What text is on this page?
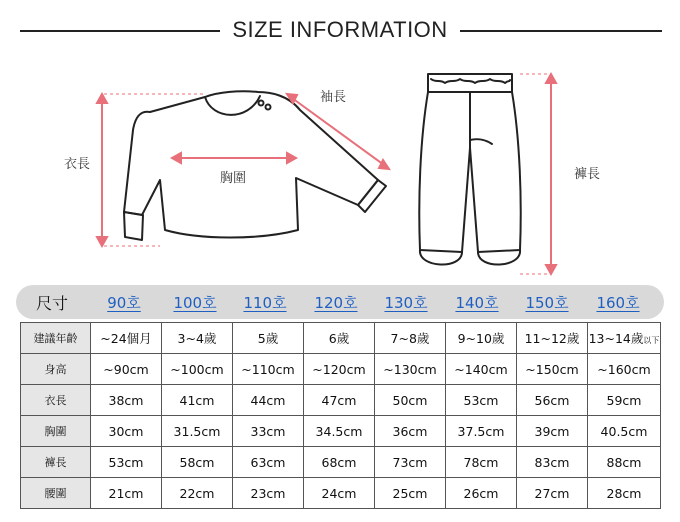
SIZE INFORMATION
袖長
衣長
胸圍	褲長
尺寸	90호	100호	110호	120호	130호	140호	150호	160호
建議年齡	~24個月	3~4歲	5歲	6歲	7~8歲	9~10歲	11~12歲	13~14歲以下
身高	~90cm	~100cm	~110cm	~120cm	~130cm	~140cm	~150cm	~160cm
衣長	38cm	41cm	44cm	47cm	50cm	53cm	56cm	59cm
胸圍	30cm	31.5cm	33cm	34.5cm	36cm	37.5cm	39cm	40.5cm
褲長	53cm	58cm	63cm	68cm	73cm	78cm	83cm	88cm
腰圍	21cm	22cm	23cm	24cm	25cm	26cm	27cm	28cm
